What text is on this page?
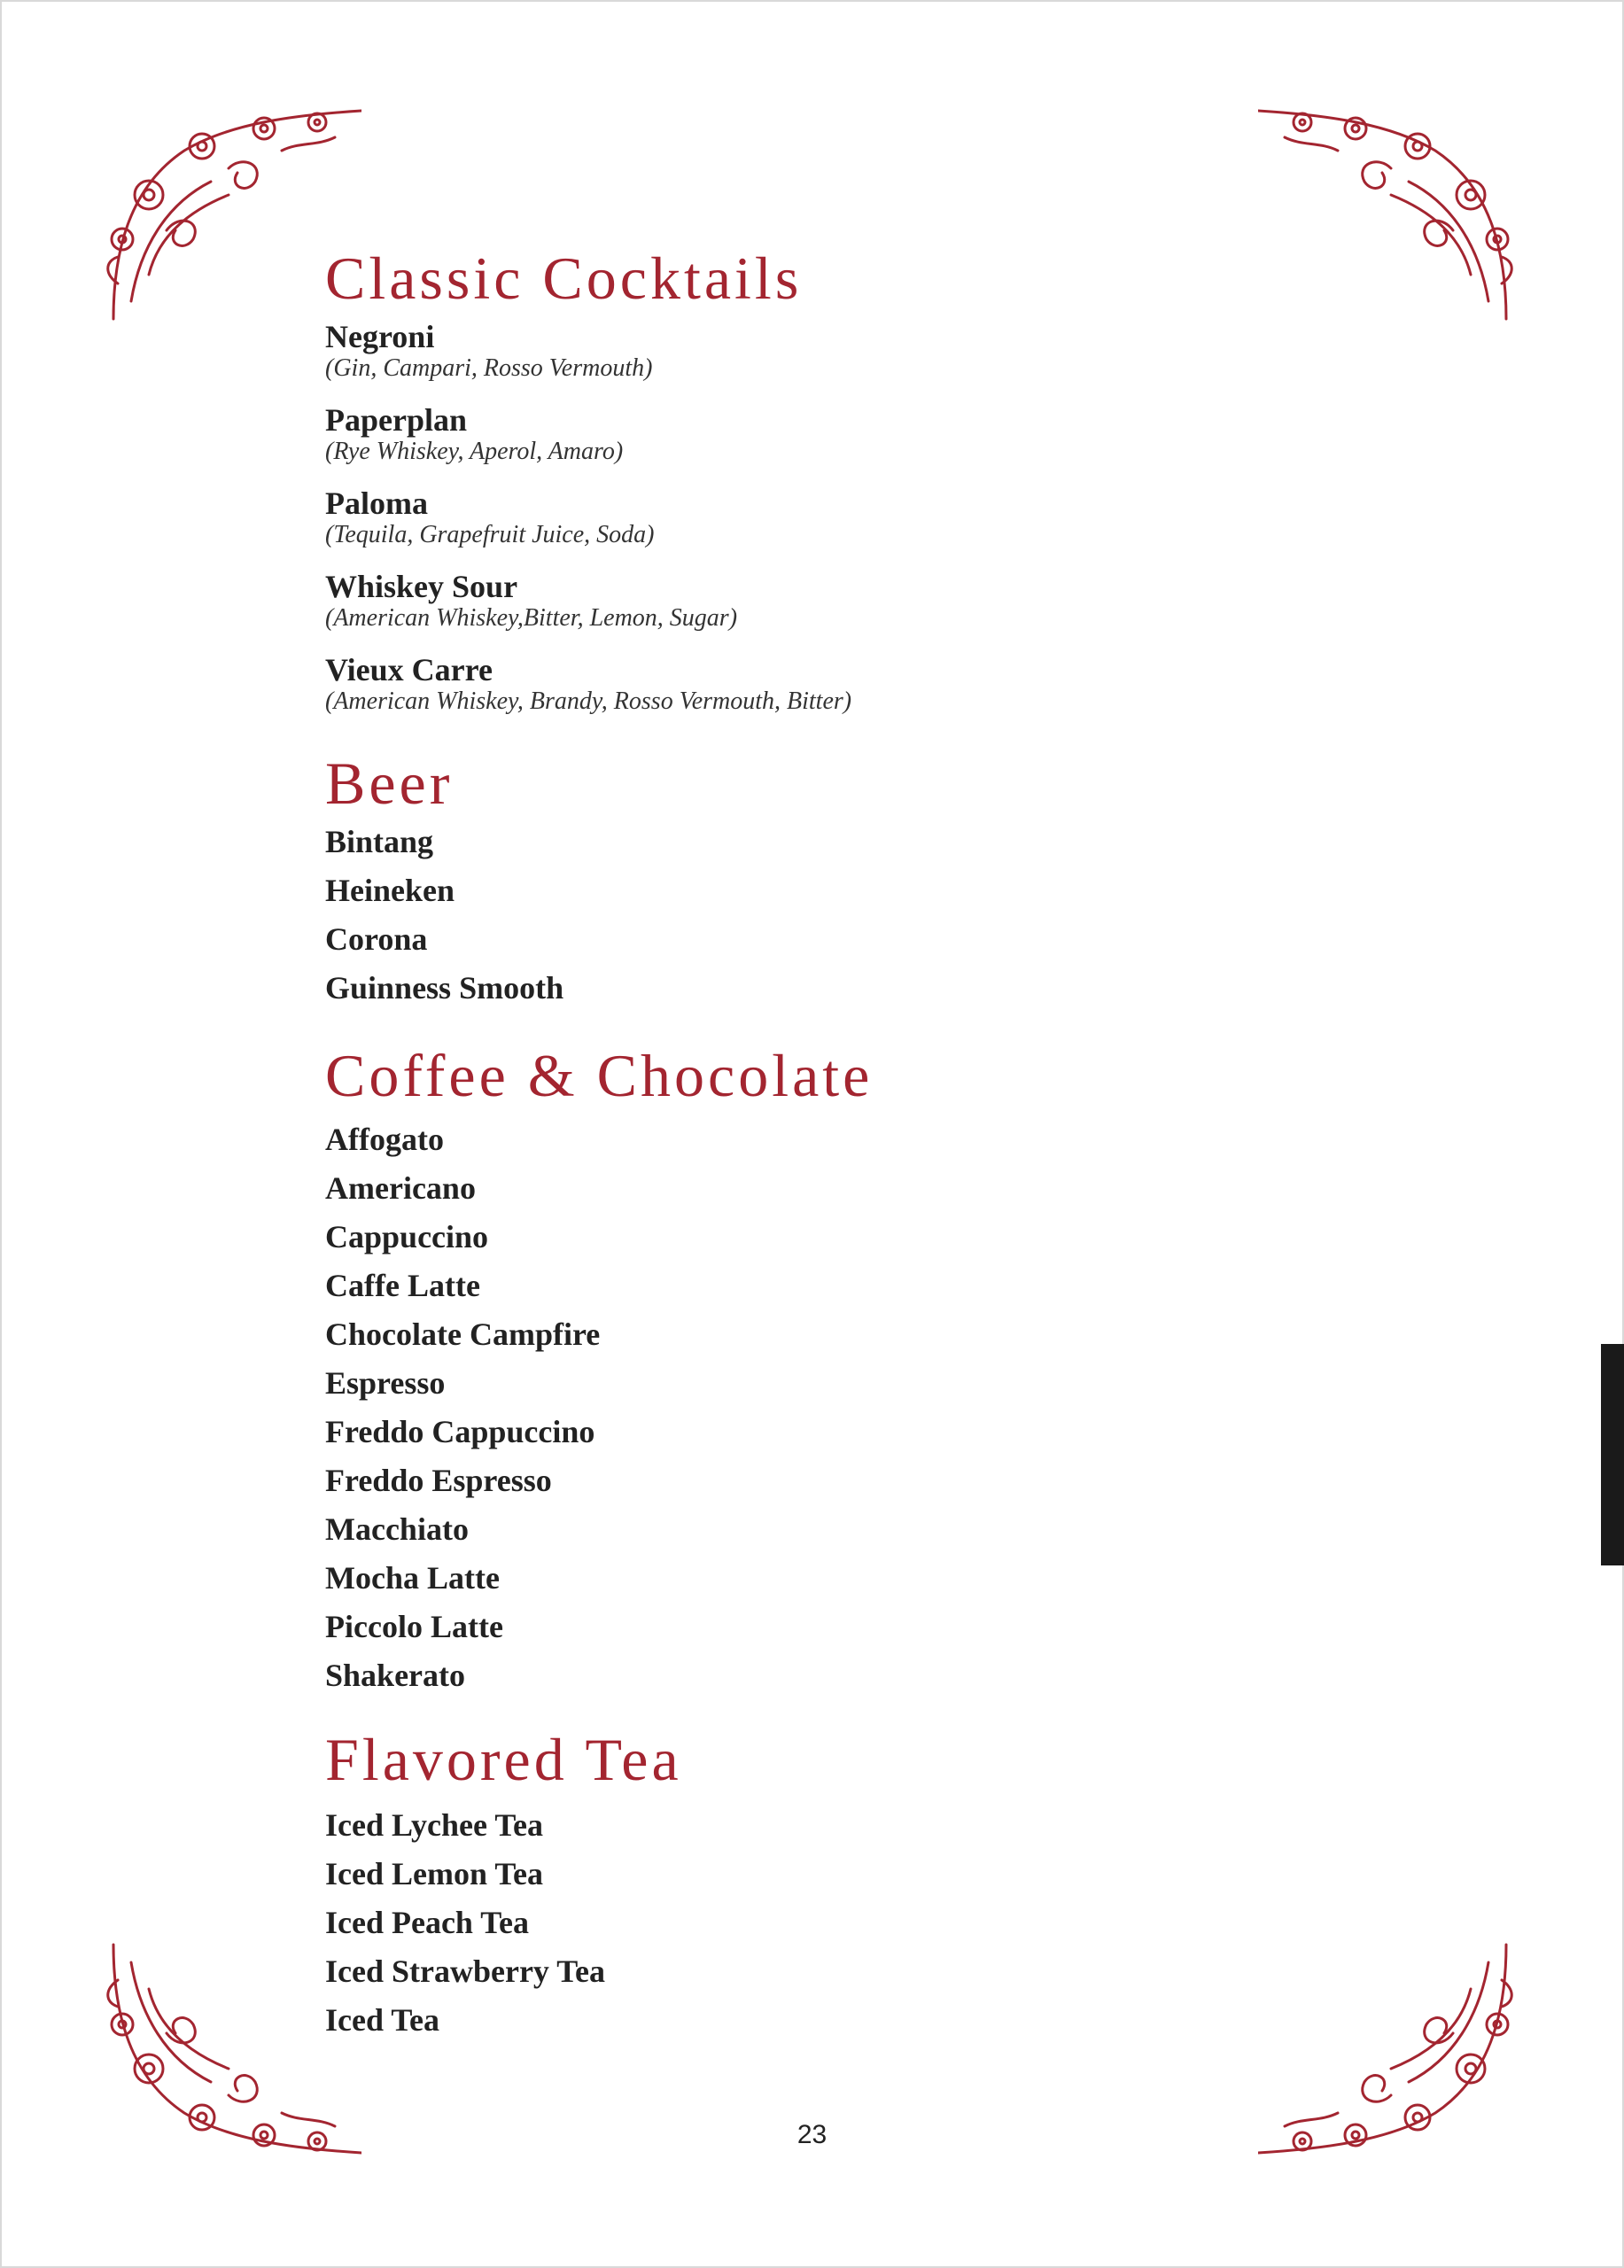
Classic Cocktails

Negroni

(Gin, Campari, Rosso Vermouth)

Paperplan

(Rye Whiskey, Aperol, Amaro)

Paloma

(Tequila, Grapefruit Juice, Soda)

Whiskey Sour

(American Whiskey,Bitter, Lemon, Sugar)

Vieux Carre

(American Whiskey, Brandy, Rosso Vermouth, Bitter)

Beer
Bintang
Heineken
Corona
Guinness Smooth
Coffee & Chocolate
Affogato
Americano
Cappuccino
Caffe Latte
Chocolate Campfire
Espresso
Freddo Cappuccino
Freddo Espresso
Macchiato
Mocha Latte
Piccolo Latte
Shakerato
Flavored Tea
Iced Lychee Tea
Iced Lemon Tea
Iced Peach Tea
Iced Strawberry Tea
Iced Tea
23
